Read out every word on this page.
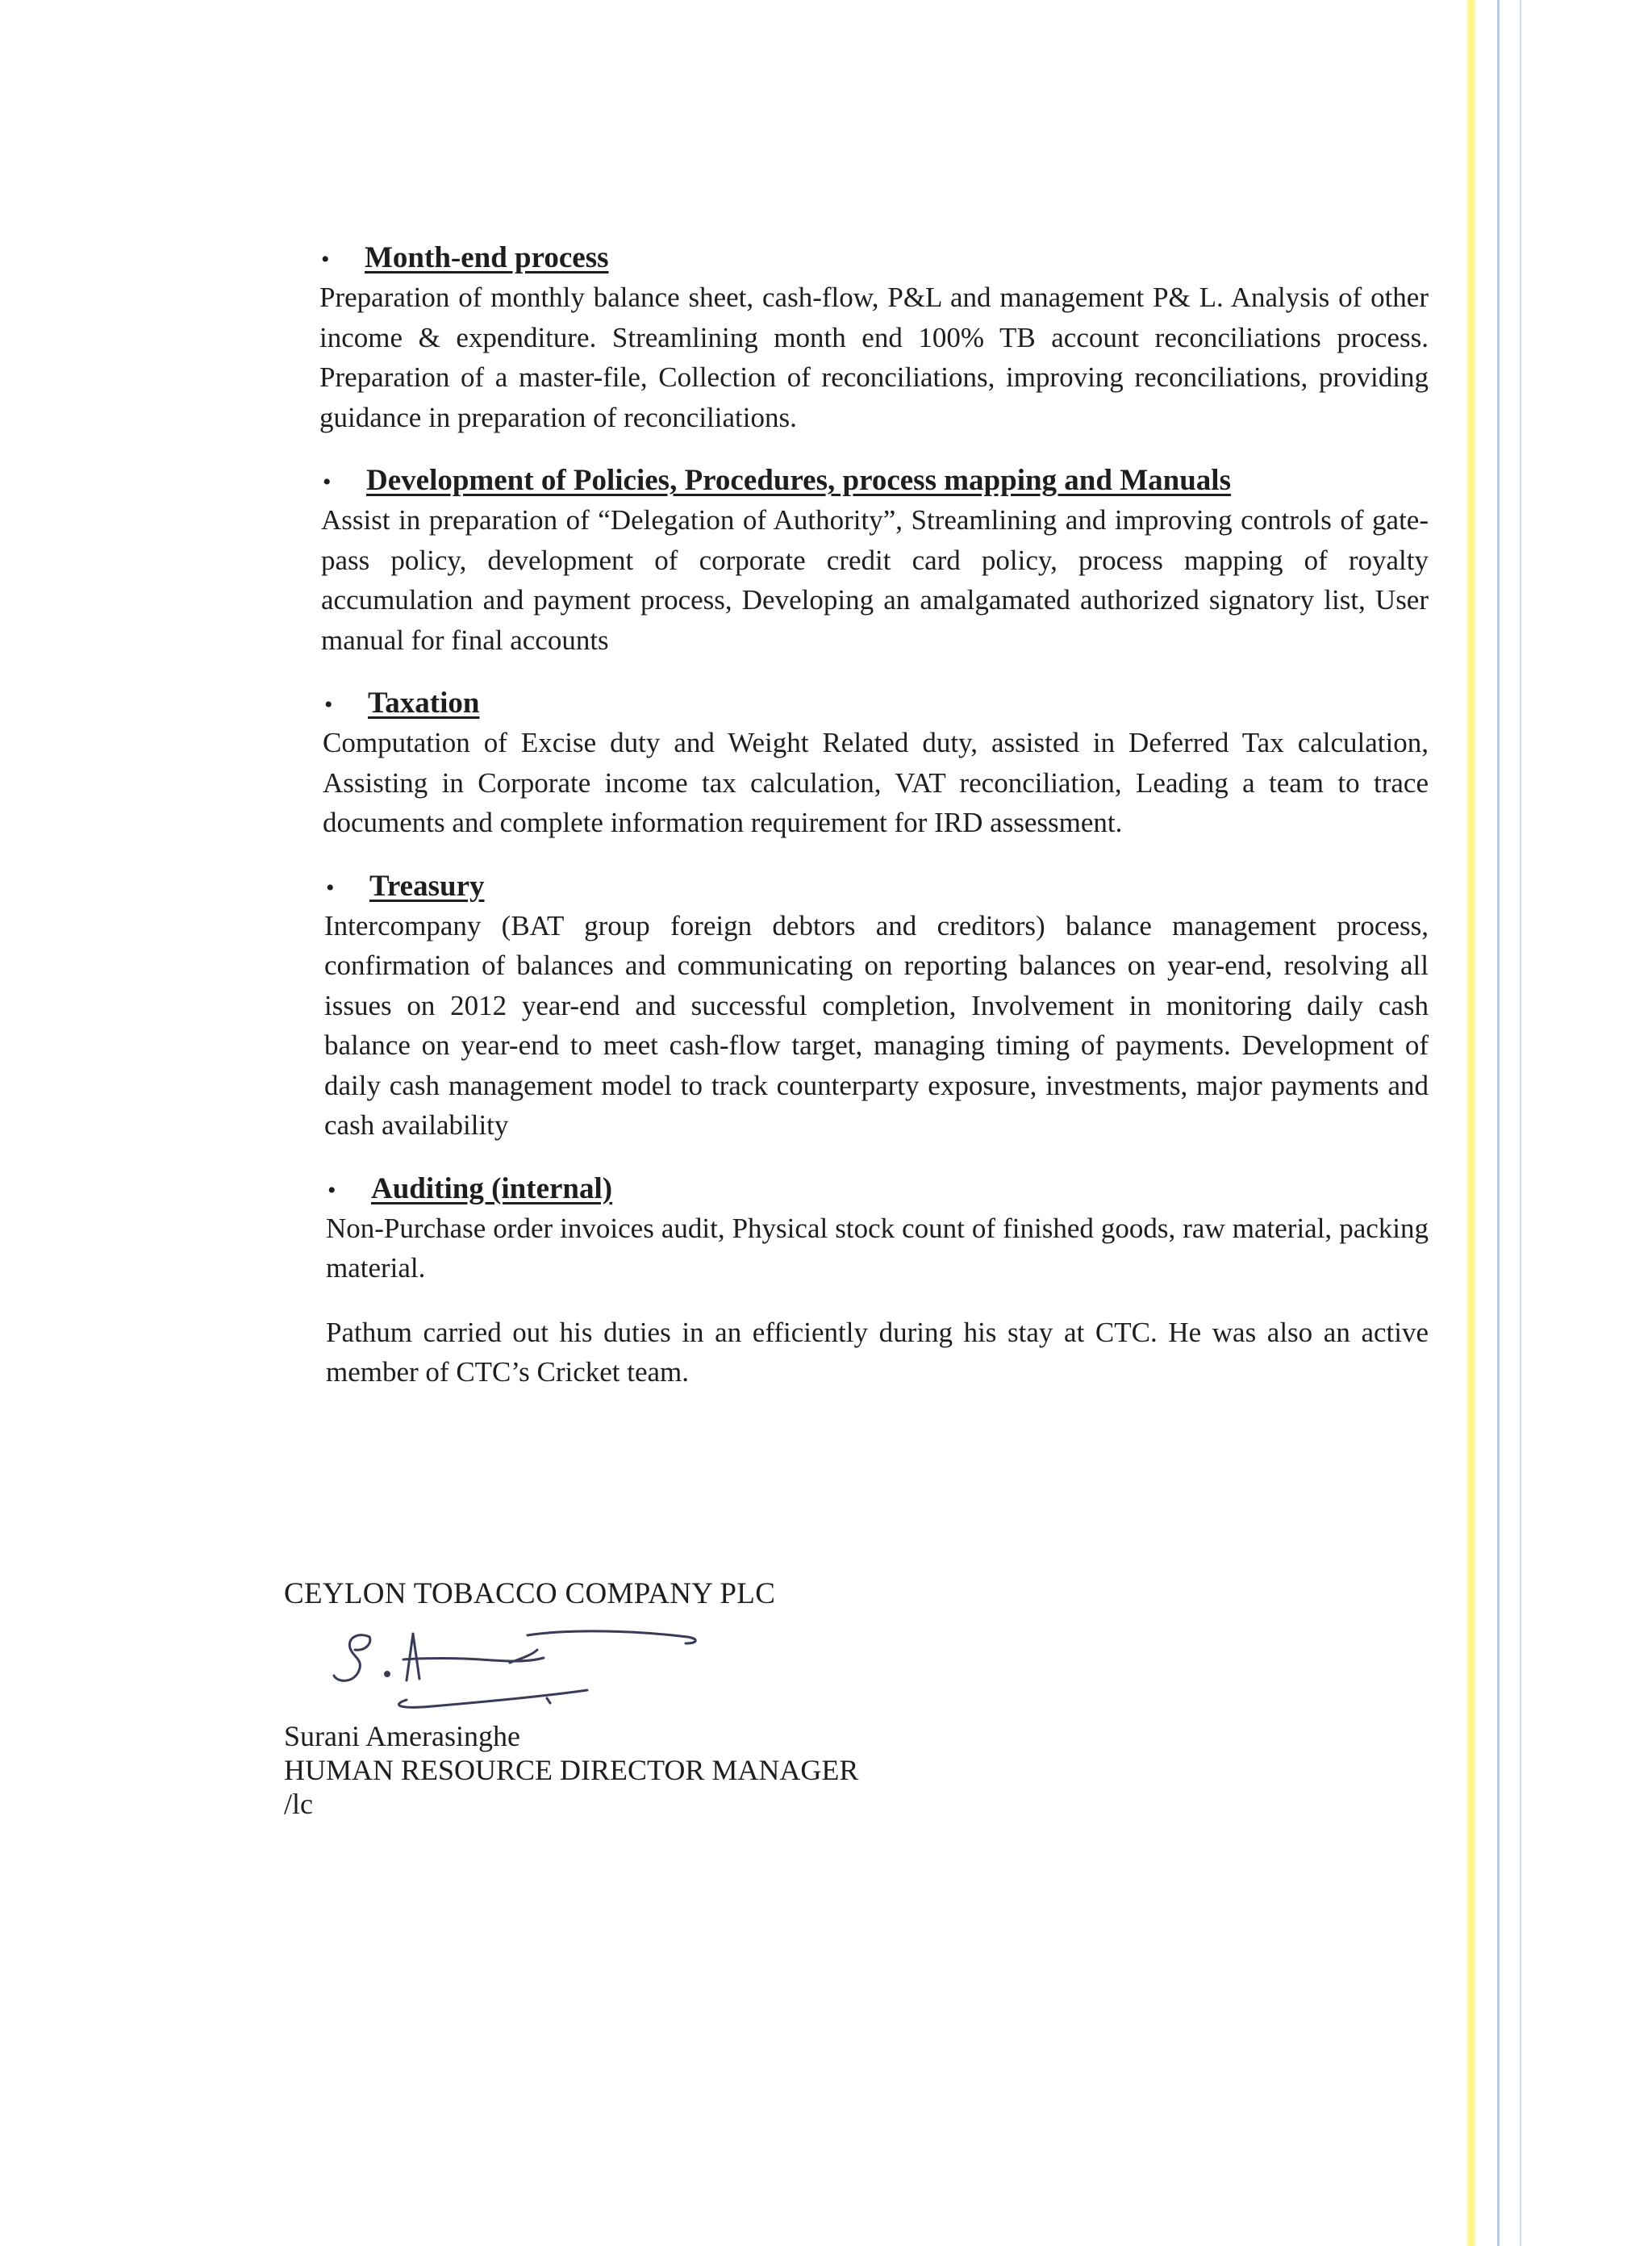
•	Month-end process

Preparation of monthly balance sheet, cash-flow, P&L and management P& L. Analysis of other income & expenditure. Streamlining month end 100% TB account reconciliations process. Preparation of a master-file, Collection of reconciliations, improving reconciliations, providing guidance in preparation of reconciliations.

•	Development of Policies, Procedures, process mapping and Manuals

Assist in preparation of “Delegation of Authority”, Streamlining and improving controls of gate-pass policy, development of corporate credit card policy, process mapping of royalty accumulation and payment process, Developing an amalgamated authorized signatory list, User manual for final accounts

•	Taxation

Computation of Excise duty and Weight Related duty, assisted in Deferred Tax calculation, Assisting in Corporate income tax calculation, VAT reconciliation, Leading a team to trace documents and complete information requirement for IRD assessment.

•	Treasury

Intercompany (BAT group foreign debtors and creditors) balance management process, confirmation of balances and communicating on reporting balances on year-end, resolving all issues on 2012 year-end and successful completion, Involvement in monitoring daily cash balance on year-end to meet cash-flow target, managing timing of payments. Development of daily cash management model to track counterparty exposure, investments, major payments and cash availability

•	Auditing (internal)

Non-Purchase order invoices audit, Physical stock count of finished goods, raw material, packing material.

Pathum carried out his duties in an efficiently during his stay at CTC. He was also an active member of CTC’s Cricket team.

CEYLON TOBACCO COMPANY PLC
Surani Amerasinghe
HUMAN RESOURCE DIRECTOR MANAGER
/lc
